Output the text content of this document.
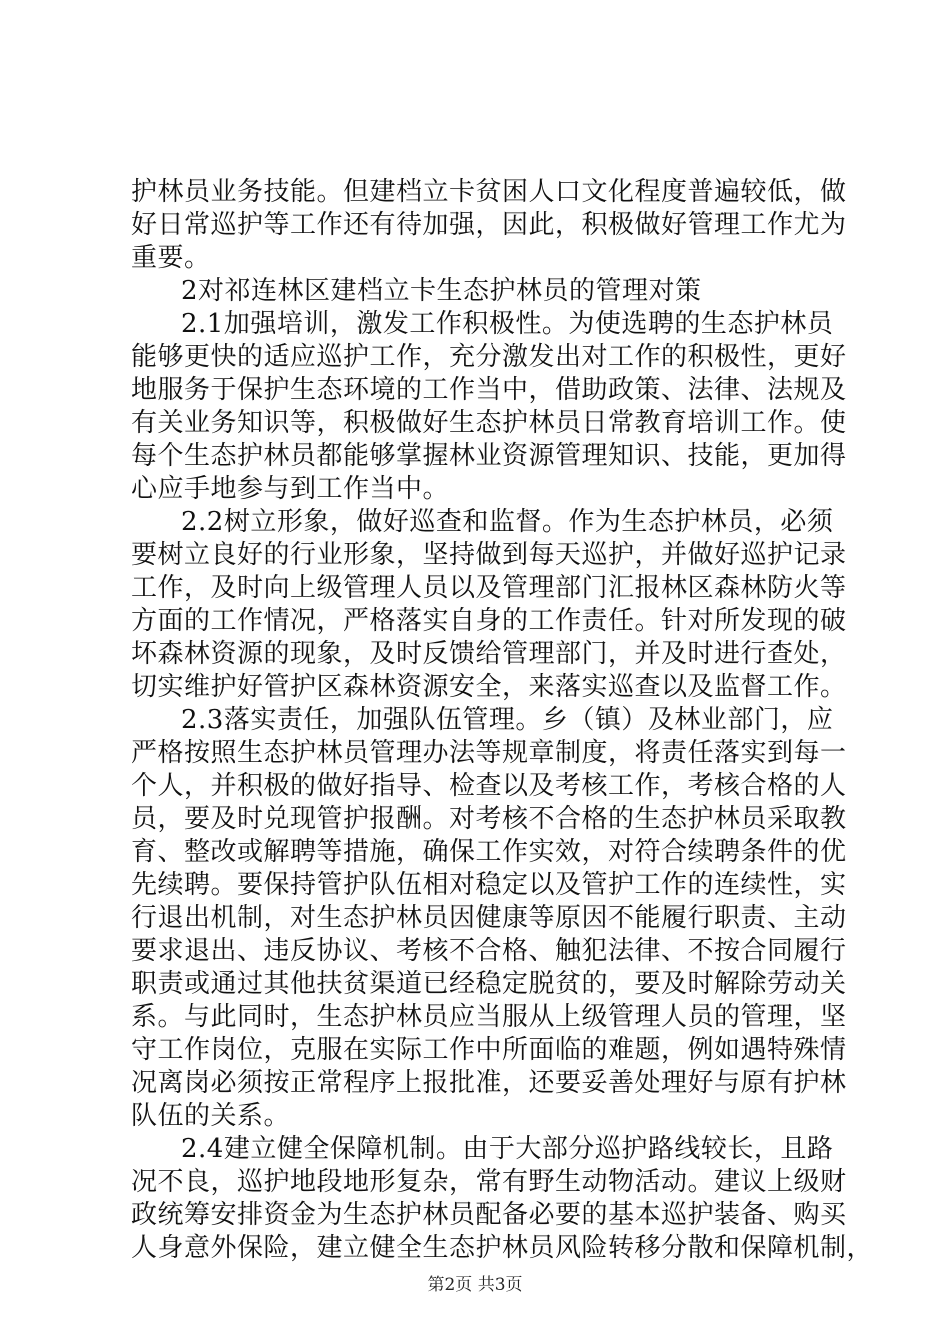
护林员业务技能。但建档立卡贫困人口文化程度普遍较低，做
好日常巡护等工作还有待加强，因此，积极做好管理工作尤为
重要。
2对祁连林区建档立卡生态护林员的管理对策
2.1加强培训，激发工作积极性。为使选聘的生态护林员
能够更快的适应巡护工作，充分激发出对工作的积极性，更好
地服务于保护生态环境的工作当中，借助政策、法律、法规及
有关业务知识等，积极做好生态护林员日常教育培训工作。使
每个生态护林员都能够掌握林业资源管理知识、技能，更加得
心应手地参与到工作当中。
2.2树立形象，做好巡查和监督。作为生态护林员，必须
要树立良好的行业形象，坚持做到每天巡护，并做好巡护记录
工作，及时向上级管理人员以及管理部门汇报林区森林防火等
方面的工作情况，严格落实自身的工作责任。针对所发现的破
坏森林资源的现象，及时反馈给管理部门，并及时进行查处，
切实维护好管护区森林资源安全，来落实巡查以及监督工作。
2.3落实责任，加强队伍管理。乡（镇）及林业部门，应
严格按照生态护林员管理办法等规章制度，将责任落实到每一
个人，并积极的做好指导、检查以及考核工作，考核合格的人
员，要及时兑现管护报酬。对考核不合格的生态护林员采取教
育、整改或解聘等措施，确保工作实效，对符合续聘条件的优
先续聘。要保持管护队伍相对稳定以及管护工作的连续性，实
行退出机制，对生态护林员因健康等原因不能履行职责、主动
要求退出、违反协议、考核不合格、触犯法律、不按合同履行
职责或通过其他扶贫渠道已经稳定脱贫的，要及时解除劳动关
系。与此同时，生态护林员应当服从上级管理人员的管理，坚
守工作岗位，克服在实际工作中所面临的难题，例如遇特殊情
况离岗必须按正常程序上报批准，还要妥善处理好与原有护林
队伍的关系。
2.4建立健全保障机制。由于大部分巡护路线较长，且路
况不良，巡护地段地形复杂，常有野生动物活动。建议上级财
政统筹安排资金为生态护林员配备必要的基本巡护装备、购买
人身意外保险，建立健全生态护林员风险转移分散和保障机制，
第2页 共3页
